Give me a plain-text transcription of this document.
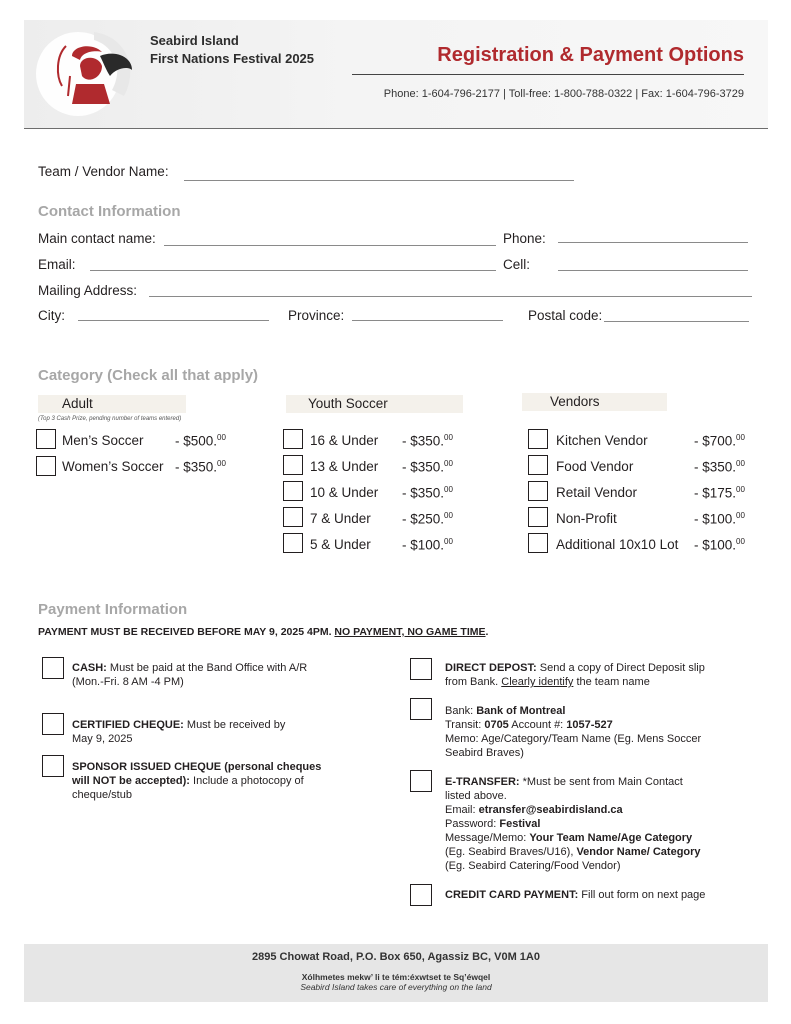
Seabird Island
First Nations Festival 2025	Registration & Payment Options
Phone: 1-604-796-2177 | Toll-free: 1-800-788-0322 | Fax: 1-604-796-3729
Team / Vendor Name:
Contact Information
Main contact name:	Phone:
Email:	Cell:
Mailing Address:
City:	Province:	Postal code:
Category (Check all that apply)
Adult
(Top 3 Cash Prize, pending number of teams entered)
Men’s Soccer - $500.00
Women’s Soccer - $350.00
Youth Soccer
16 & Under - $350.00
13 & Under - $350.00
10 & Under - $350.00
7 & Under - $250.00
5 & Under - $100.00
Vendors
Kitchen Vendor	- $700.00
Food Vendor	- $350.00
Retail Vendor	- $175.00
Non-Profit	- $100.00
Additional 10x10 Lot - $100.00
Payment Information
PAYMENT MUST BE RECEIVED BEFORE MAY 9, 2025 4PM. NO PAYMENT, NO GAME TIME.
CASH: Must be paid at the Band Office with A/R
(Mon.-Fri. 8 AM -4 PM)
CERTIFIED CHEQUE: Must be received by
May 9, 2025
SPONSOR ISSUED CHEQUE (personal cheques
will NOT be accepted): Include a photocopy of
cheque/stub
DIRECT DEPOST: Send a copy of Direct Deposit slip
from Bank. Clearly identify the team name
Bank: Bank of Montreal
Transit: 0705 Account #: 1057-527
Memo: Age/Category/Team Name (Eg. Mens Soccer
Seabird Braves)
E-TRANSFER: *Must be sent from Main Contact
listed above.
Email: etransfer@seabirdisland.ca
Password: Festival
Message/Memo: Your Team Name/Age Category
(Eg. Seabird Braves/U16), Vendor Name/ Category
(Eg. Seabird Catering/Food Vendor)
CREDIT CARD PAYMENT: Fill out form on next page
2895 Chowat Road, P.O. Box 650, Agassiz BC, V0M 1A0
Xólhmetes mekw’ li te tém:éxwtset te Sq’éwqel
Seabird Island takes care of everything on the land
